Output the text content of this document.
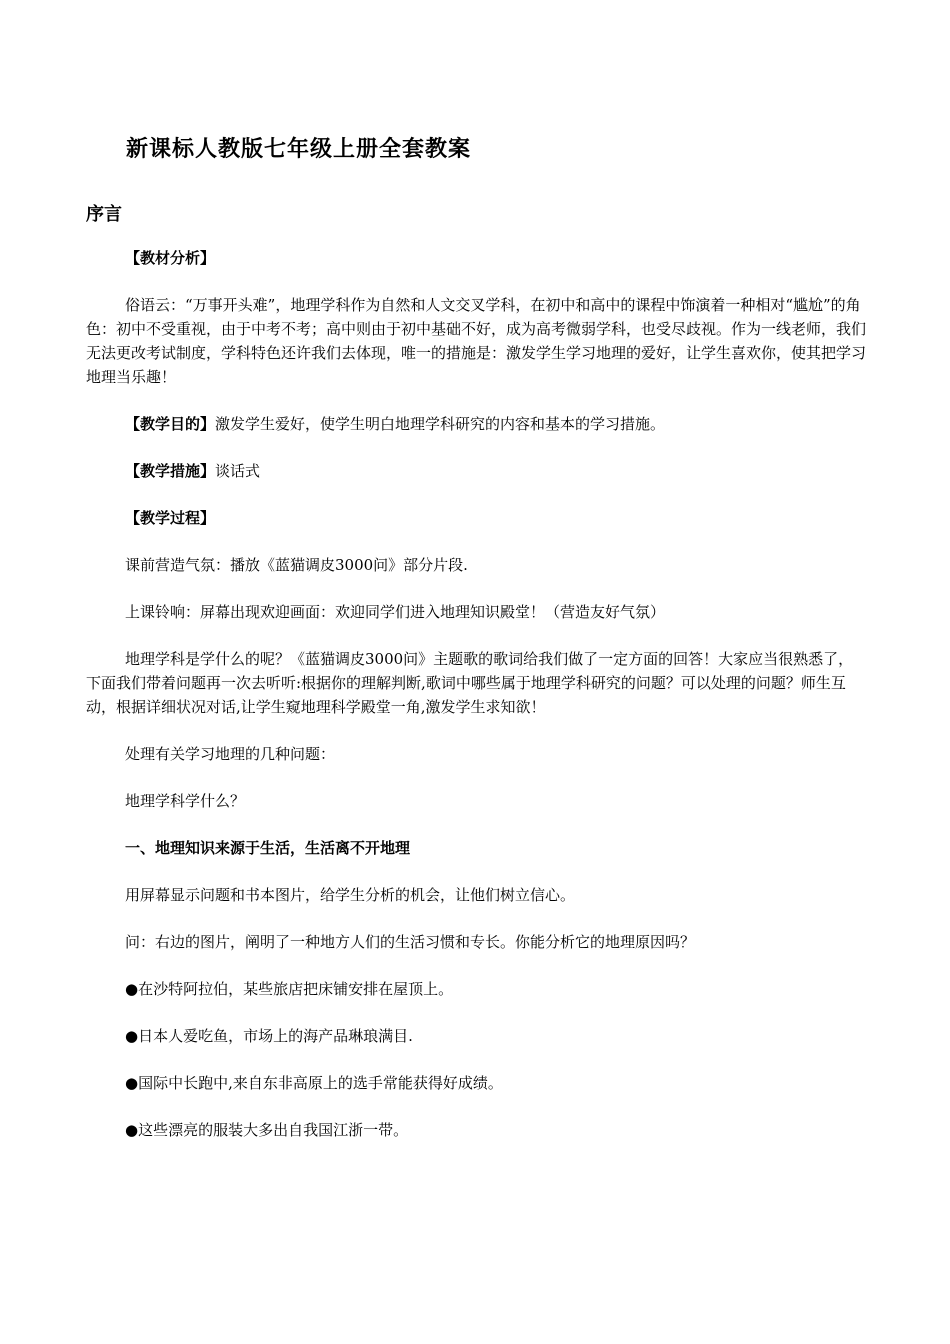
新课标人教版七年级上册全套教案
序言

【教材分析】

俗语云：“万事开头难”，地理学科作为自然和人文交叉学科，在初中和高中的课程中饰演着一种相对“尴尬”的角色：初中不受重视，由于中考不考；高中则由于初中基础不好，成为高考微弱学科，也受尽歧视。作为一线老师，我们无法更改考试制度，学科特色还许我们去体现，唯一的措施是：激发学生学习地理的爱好，让学生喜欢你，使其把学习地理当乐趣！

【教学目的】激发学生爱好，使学生明白地理学科研究的内容和基本的学习措施。

【教学措施】谈话式

【教学过程】

课前营造气氛：播放《蓝猫调皮3000问》部分片段.

上课铃响：屏幕出现欢迎画面：欢迎同学们进入地理知识殿堂！（营造友好气氛）

地理学科是学什么的呢？《蓝猫调皮3000问》主题歌的歌词给我们做了一定方面的回答！大家应当很熟悉了，下面我们带着问题再一次去听听:根据你的理解判断,歌词中哪些属于地理学科研究的问题？可以处理的问题？师生互动，根据详细状况对话,让学生窥地理科学殿堂一角,激发学生求知欲！

处理有关学习地理的几种问题：

地理学科学什么？

一、地理知识来源于生活，生活离不开地理

用屏幕显示问题和书本图片，给学生分析的机会，让他们树立信心。

问：右边的图片，阐明了一种地方人们的生活习惯和专长。你能分析它的地理原因吗？

●在沙特阿拉伯，某些旅店把床铺安排在屋顶上。

●日本人爱吃鱼，市场上的海产品琳琅满目.

●国际中长跑中,来自东非高原上的选手常能获得好成绩。

●这些漂亮的服装大多出自我国江浙一带。
